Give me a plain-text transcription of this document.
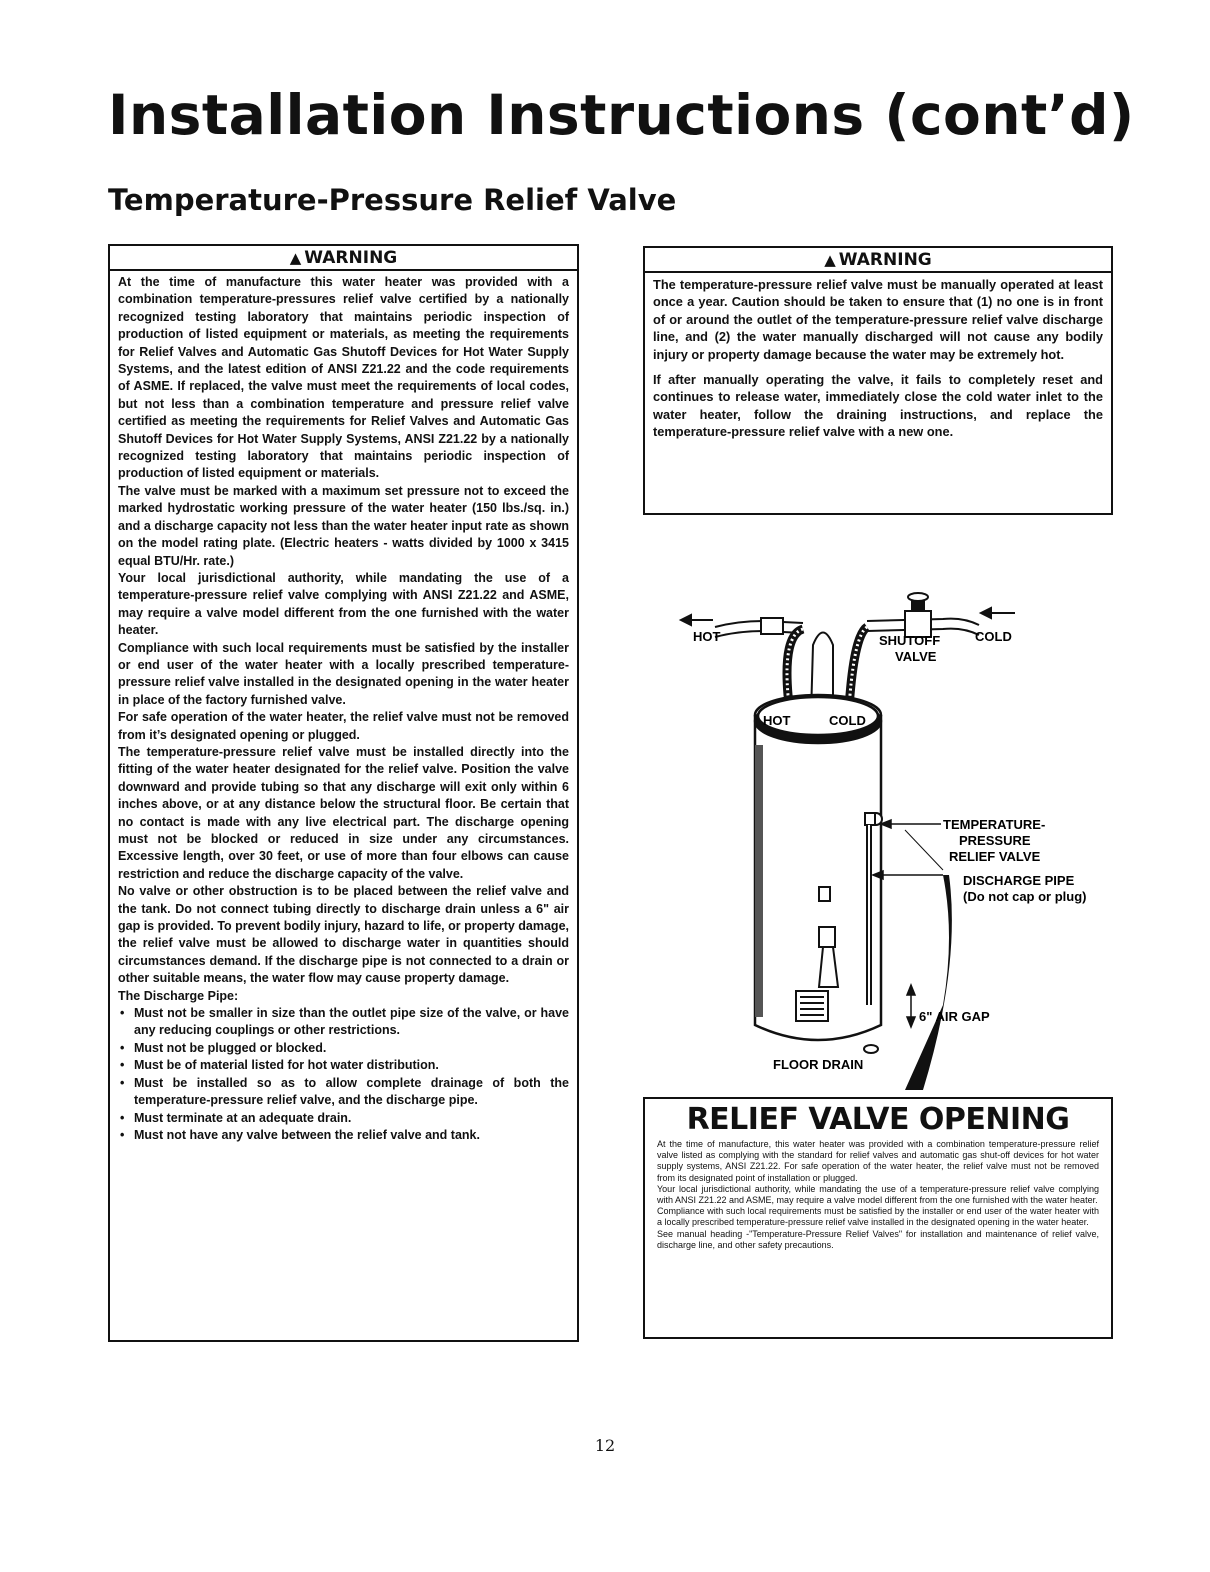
Installation Instructions (cont’d)
Temperature-Pressure Relief Valve
▲ WARNING

At the time of manufacture this water heater was provided with a combination temperature-pressures relief valve certified by a nationally recognized testing laboratory that maintains periodic inspection of production of listed equipment or materials, as meeting the requirements for Relief Valves and Automatic Gas Shutoff Devices for Hot Water Supply Systems, and the latest edition of ANSI Z21.22 and the code requirements of ASME. If replaced, the valve must meet the requirements of local codes, but not less than a combination temperature and pressure relief valve certified as meeting the requirements for Relief Valves and Automatic Gas Shutoff Devices for Hot Water Supply Systems, ANSI Z21.22 by a nationally recognized testing laboratory that maintains periodic inspection of production of listed equipment or materials.

The valve must be marked with a maximum set pressure not to exceed the marked hydrostatic working pressure of the water heater (150 lbs./sq. in.) and a discharge capacity not less than the water heater input rate as shown on the model rating plate. (Electric heaters - watts divided by 1000 x 3415 equal BTU/Hr. rate.)

Your local jurisdictional authority, while mandating the use of a temperature-pressure relief valve complying with ANSI Z21.22 and ASME, may require a valve model different from the one furnished with the water heater.

Compliance with such local requirements must be satisfied by the installer or end user of the water heater with a locally prescribed temperature-pressure relief valve installed in the designated opening in the water heater in place of the factory furnished valve.

For safe operation of the water heater, the relief valve must not be removed from it’s designated opening or plugged.

The temperature-pressure relief valve must be installed directly into the fitting of the water heater designated for the relief valve. Position the valve downward and provide tubing so that any discharge will exit only within 6 inches above, or at any distance below the structural floor. Be certain that no contact is made with any live electrical part. The discharge opening must not be blocked or reduced in size under any circumstances. Excessive length, over 30 feet, or use of more than four elbows can cause restriction and reduce the discharge capacity of the valve.

No valve or other obstruction is to be placed between the relief valve and the tank. Do not connect tubing directly to discharge drain unless a 6" air gap is provided. To prevent bodily injury, hazard to life, or property damage, the relief valve must be allowed to discharge water in quantities should circumstances demand. If the discharge pipe is not connected to a drain or other suitable means, the water flow may cause property damage.

The Discharge Pipe:

• Must not be smaller in size than the outlet pipe size of the valve, or have any reducing couplings or other restrictions.
• Must not be plugged or blocked.
• Must be of material listed for hot water distribution.
• Must be installed so as to allow complete drainage of both the temperature-pressure relief valve, and the discharge pipe.
• Must terminate at an adequate drain.
• Must not have any valve between the relief valve and tank.
▲ WARNING

The temperature-pressure relief valve must be manually operated at least once a year. Caution should be taken to ensure that (1) no one is in front of or around the outlet of the temperature-pressure relief valve discharge line, and (2) the water manually discharged will not cause any bodily injury or property damage because the water may be extremely hot.

If after manually operating the valve, it fails to completely reset and continues to release water, immediately close the cold water inlet to the water heater, follow the draining instructions, and replace the temperature-pressure relief valve with a new one.

HOT	SHUTOFF
VALVE
COLD
HOT	COLD
TEMPERATURE-
PRESSURE
RELIEF VALVE
DISCHARGE PIPE
(Do not cap or plug)
6" AIR GAP
FLOOR DRAIN
RELIEF VALVE OPENING

At the time of manufacture, this water heater was provided with a combination temperature-pressure relief valve listed as complying with the standard for relief valves and automatic gas shut-off devices for hot water supply systems, ANSI Z21.22. For safe operation of the water heater, the relief valve must not be removed from its designated point of installation or plugged.

Your local jurisdictional authority, while mandating the use of a temperature-pressure relief valve complying with ANSI Z21.22 and ASME, may require a valve model different from the one furnished with the water heater.

Compliance with such local requirements must be satisfied by the installer or end user of the water heater with a locally prescribed temperature-pressure relief valve installed in the designated opening in the water heater.

See manual heading -"Temperature-Pressure Relief Valves" for installation and maintenance of relief valve, discharge line, and other safety precautions.

12
